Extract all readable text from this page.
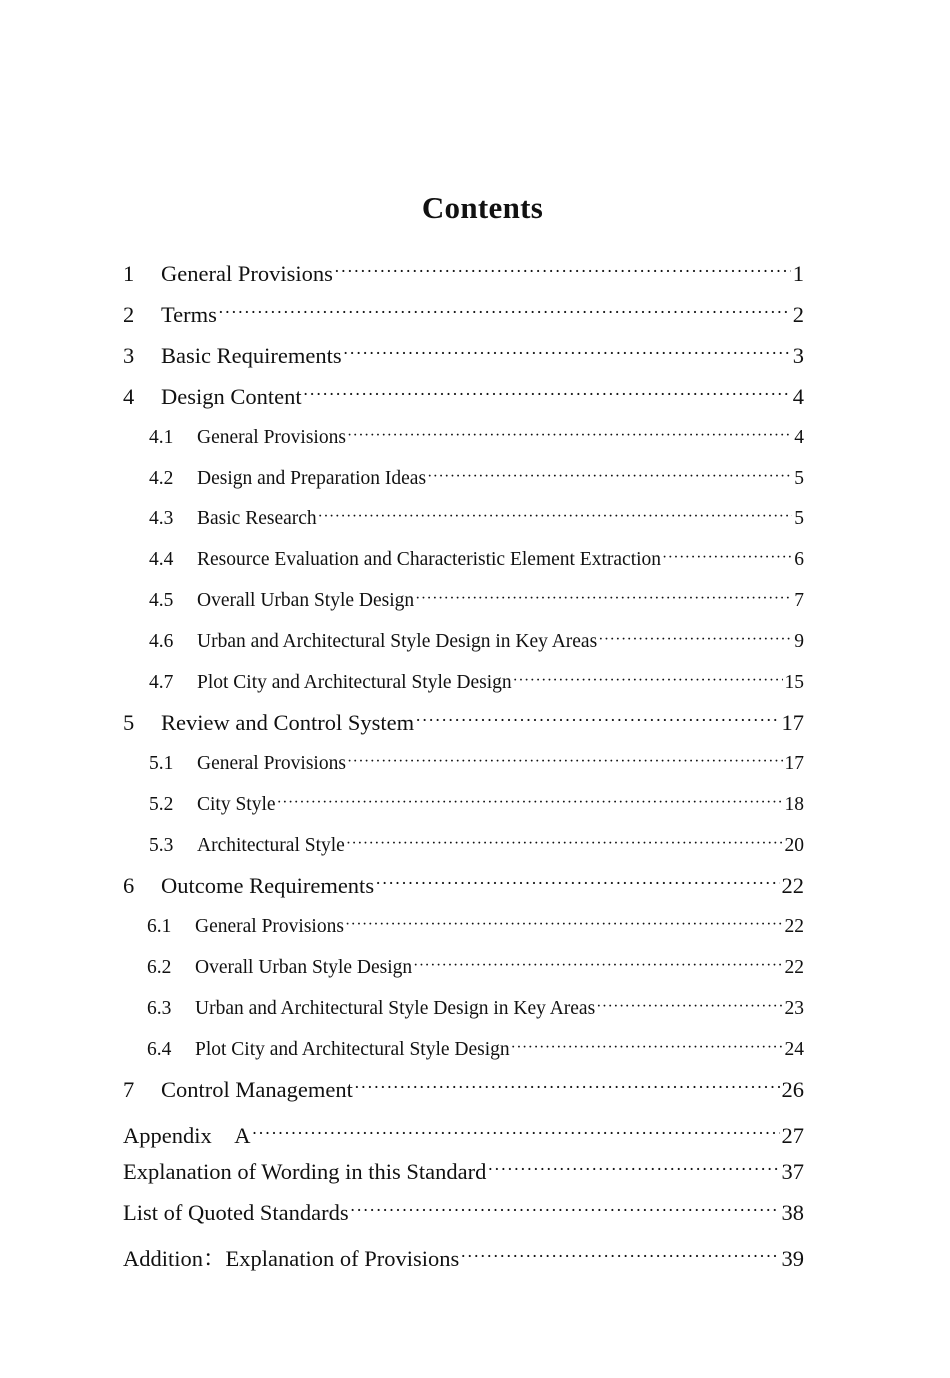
Contents
1	General Provisions ·····	1
2	Terms ·····	2
3	Basic Requirements ·····	3
4	Design Content ·····	4
4.1	General Provisions ·····	4
4.2	Design and Preparation Ideas ·····	5
4.3	Basic Research ·····	5
4.4	Resource Evaluation and Characteristic Element Extraction ·····	6
4.5	Overall Urban Style Design ·····	7
4.6	Urban and Architectural Style Design in Key Areas ·····	9
4.7	Plot City and Architectural Style Design ·····	15
5	Review and Control System ·····	17
5.1	General Provisions ·····	17
5.2	City Style ·····	18
5.3	Architectural Style ·····	20
6	Outcome Requirements ·····	22
6.1	General Provisions ·····	22
6.2	Overall Urban Style Design ·····	22
6.3	Urban and Architectural Style Design in Key Areas ·····	23
6.4	Plot City and Architectural Style Design ·····	24
7	Control Management ·····	26
Appendix　A ·····	27
Explanation of Wording in this Standard ·····	37
List of Quoted Standards ·····	38
Addition：Explanation of Provisions ·····	39
